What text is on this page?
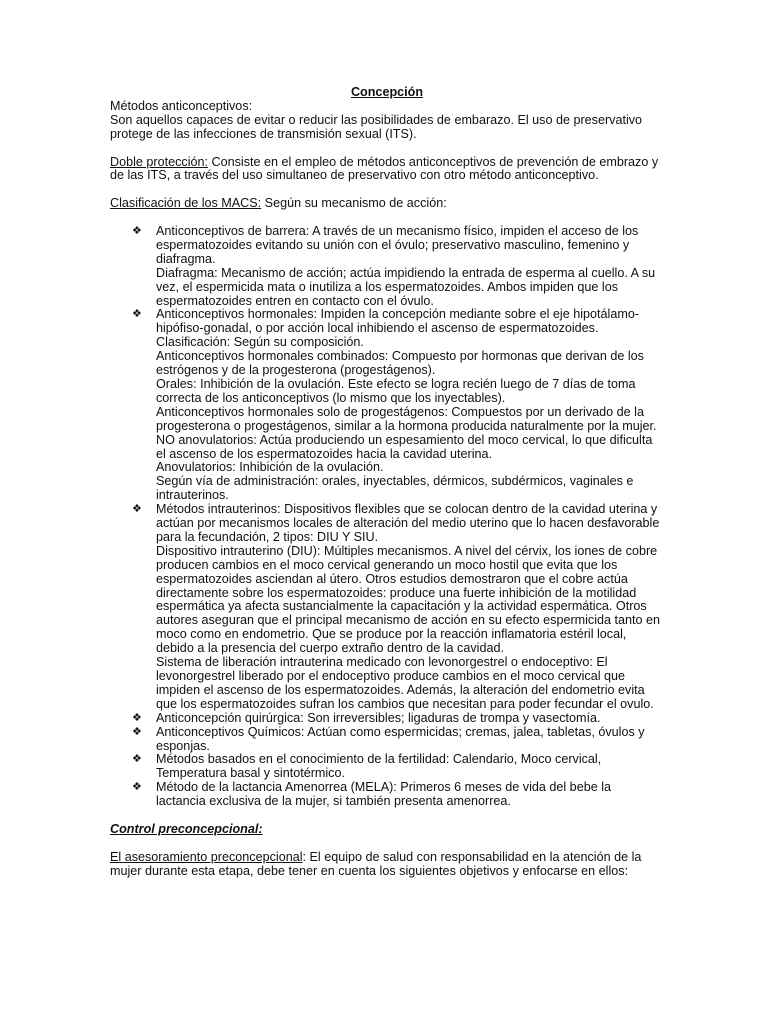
Concepción

Métodos anticonceptivos:

Son aquellos capaces de evitar o reducir las posibilidades de embarazo. El uso de preservativo protege de las infecciones de transmisión sexual (ITS).

Doble protección: Consiste en el empleo de métodos anticonceptivos de prevención de embrazo y de las ITS, a través del uso simultaneo de preservativo con otro método anticonceptivo.

Clasificación de los MACS: Según su mecanismo de acción:

❖ Anticonceptivos de barrera: A través de un mecanismo físico, impiden el acceso de los espermatozoides evitando su unión con el óvulo; preservativo masculino, femenino y diafragma.

Diafragma: Mecanismo de acción; actúa impidiendo la entrada de esperma al cuello. A su vez, el espermicida mata o inutiliza a los espermatozoides. Ambos impiden que los espermatozoides entren en contacto con el óvulo.

❖ Anticonceptivos hormonales: Impiden la concepción mediante sobre el eje hipotálamo-hipófiso-gonadal, o por acción local inhibiendo el ascenso de espermatozoides.

Clasificación: Según su composición.

Anticonceptivos hormonales combinados: Compuesto por hormonas que derivan de los estrógenos y de la progesterona (progestágenos).

Orales: Inhibición de la ovulación. Este efecto se logra recién luego de 7 días de toma correcta de los anticonceptivos (lo mismo que los inyectables).

Anticonceptivos hormonales solo de progestágenos: Compuestos por un derivado de la progesterona o progestágenos, similar a la hormona producida naturalmente por la mujer.

NO anovulatorios: Actúa produciendo un espesamiento del moco cervical, lo que dificulta el ascenso de los espermatozoides hacia la cavidad uterina.

Anovulatorios: Inhibición de la ovulación.

Según vía de administración: orales, inyectables, dérmicos, subdérmicos, vaginales e intrauterinos.

❖ Métodos intrauterinos: Dispositivos flexibles que se colocan dentro de la cavidad uterina y actúan por mecanismos locales de alteración del medio uterino que lo hacen desfavorable para la fecundación, 2 tipos: DIU Y SIU.

Dispositivo intrauterino (DIU): Múltiples mecanismos. A nivel del cérvix, los iones de cobre producen cambios en el moco cervical generando un moco hostil que evita que los espermatozoides asciendan al útero. Otros estudios demostraron que el cobre actúa directamente sobre los espermatozoides: produce una fuerte inhibición de la motilidad espermática ya afecta sustancialmente la capacitación y la actividad espermática. Otros autores aseguran que el principal mecanismo de acción en su efecto espermicida tanto en moco como en endometrio. Que se produce por la reacción inflamatoria estéril local, debido a la presencia del cuerpo extraño dentro de la cavidad.

Sistema de liberación intrauterina medicado con levonorgestrel o endoceptivo: El levonorgestrel liberado por el endoceptivo produce cambios en el moco cervical que impiden el ascenso de los espermatozoides. Además, la alteración del endometrio evita que los espermatozoides sufran los cambios que necesitan para poder fecundar el ovulo.

❖ Anticoncepción quirúrgica: Son irreversibles; ligaduras de trompa y vasectomía.

❖ Anticonceptivos Químicos: Actúan como espermicidas; cremas, jalea, tabletas, óvulos y esponjas.

❖ Métodos basados en el conocimiento de la fertilidad: Calendario, Moco cervical, Temperatura basal y sintotérmico.

❖ Método de la lactancia Amenorrea (MELA): Primeros 6 meses de vida del bebe la lactancia exclusiva de la mujer, si también presenta amenorrea.

Control preconcepcional:

El asesoramiento preconcepcional: El equipo de salud con responsabilidad en la atención de la mujer durante esta etapa, debe tener en cuenta los siguientes objetivos y enfocarse en ellos:
